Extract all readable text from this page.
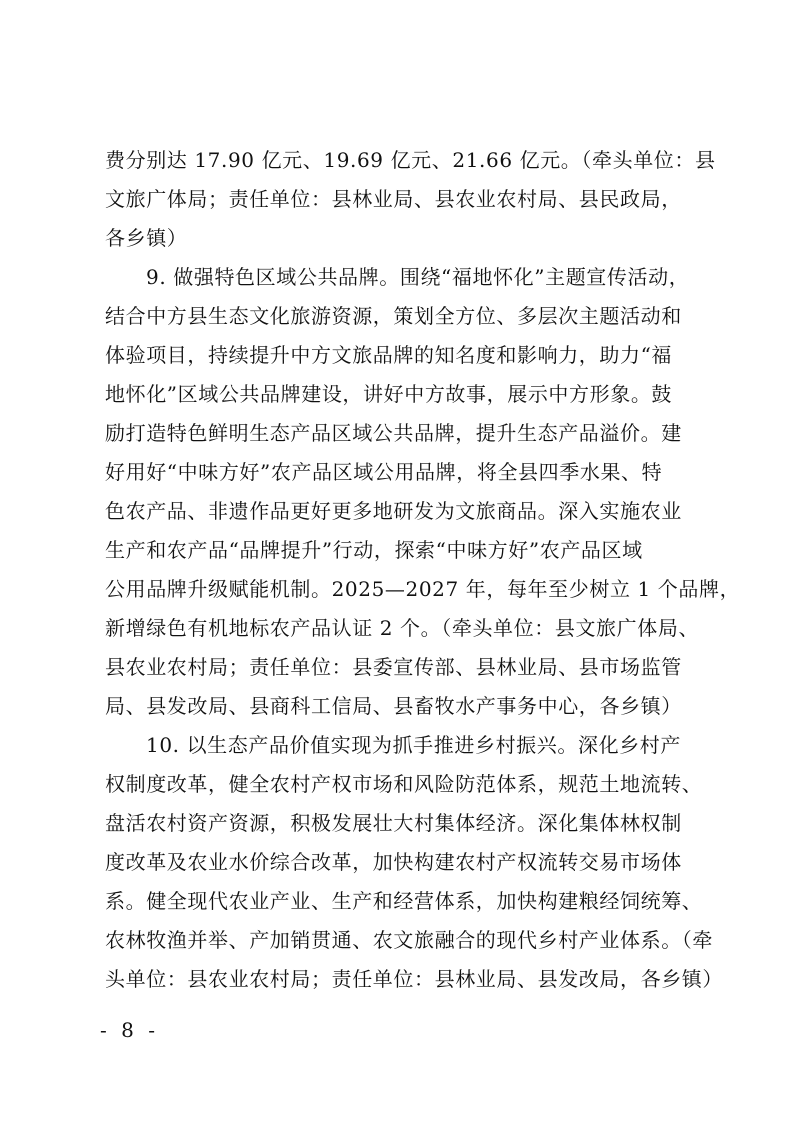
费分别达 17.90 亿元、19.69 亿元、21.66 亿元。（牵头单位：县
文旅广体局；责任单位：县林业局、县农业农村局、县民政局，
各乡镇）
9. 做强特色区域公共品牌。围绕“福地怀化”主题宣传活动，
结合中方县生态文化旅游资源，策划全方位、多层次主题活动和
体验项目，持续提升中方文旅品牌的知名度和影响力，助力“福
地怀化”区域公共品牌建设，讲好中方故事，展示中方形象。鼓
励打造特色鲜明生态产品区域公共品牌，提升生态产品溢价。建
好用好“中味方好”农产品区域公用品牌，将全县四季水果、特
色农产品、非遗作品更好更多地研发为文旅商品。深入实施农业
生产和农产品“品牌提升”行动，探索“中味方好”农产品区域
公用品牌升级赋能机制。2025—2027 年，每年至少树立 1 个品牌，
新增绿色有机地标农产品认证 2 个。（牵头单位：县文旅广体局、
县农业农村局；责任单位：县委宣传部、县林业局、县市场监管
局、县发改局、县商科工信局、县畜牧水产事务中心，各乡镇）
10. 以生态产品价值实现为抓手推进乡村振兴。深化乡村产
权制度改革，健全农村产权市场和风险防范体系，规范土地流转、
盘活农村资产资源，积极发展壮大村集体经济。深化集体林权制
度改革及农业水价综合改革，加快构建农村产权流转交易市场体
系。健全现代农业产业、生产和经营体系，加快构建粮经饲统筹、
农林牧渔并举、产加销贯通、农文旅融合的现代乡村产业体系。（牵
头单位：县农业农村局；责任单位：县林业局、县发改局，各乡镇）
- 8 -
